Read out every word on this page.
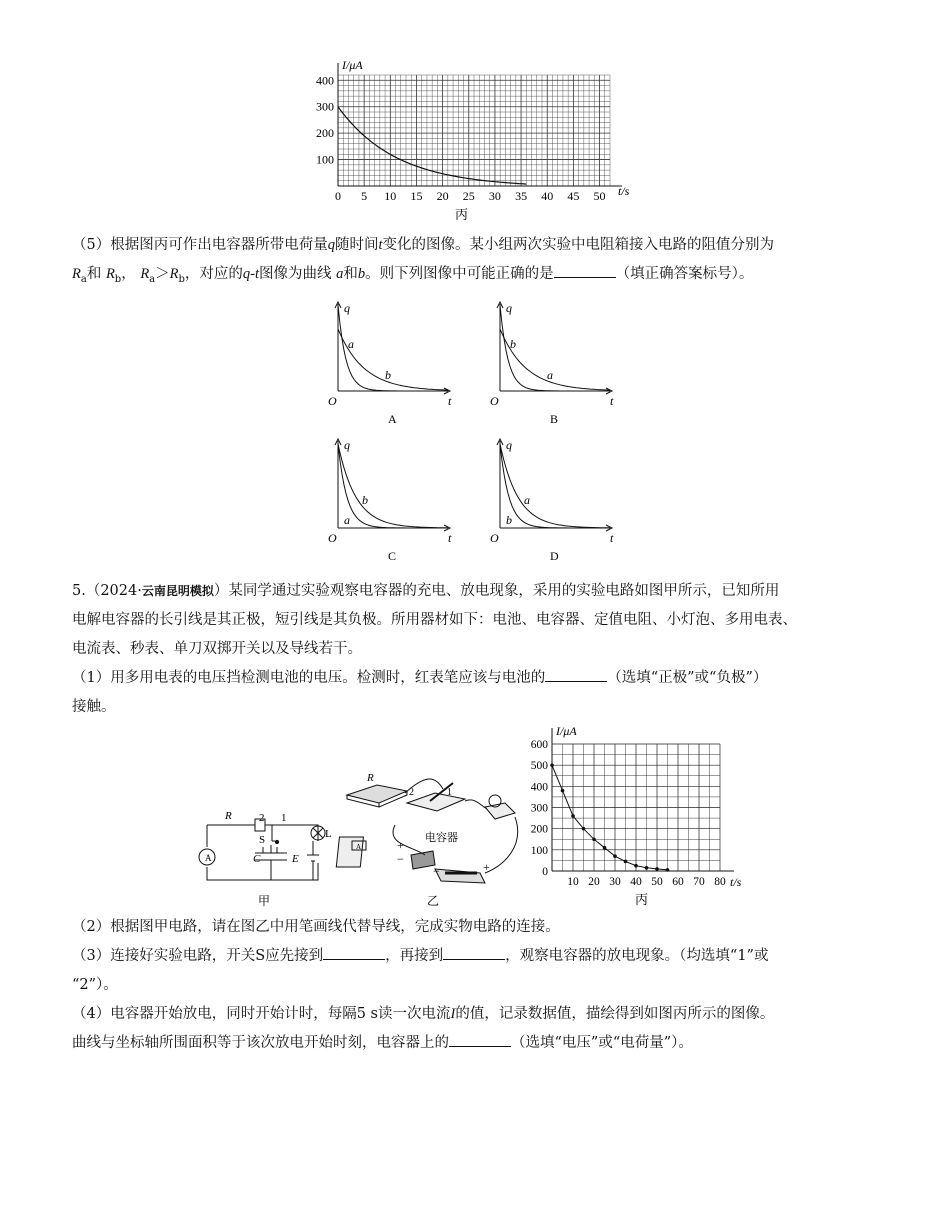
I/μA
t/s
丙
400
300
200
100
0 5 10 15 20 25 30 35 40 45 50
（5）根据图丙可作出电容器所带电荷量q随时间t变化的图像。某小组两次实验中电阻箱接入电路的阻值分别为
$R_a$和 $R_b$， $R_a>R_b$，对应的q-t图像为曲线 a和b。则下列图像中可能正确的是	（填正确答案标号）。
q
t
O
a
b
A
q
t
O
b
a
B
q
t
O
b
a
C
q
t
O
a
b
D
5.（2024·云南昆明模拟）某同学通过实验观察电容器的充电、放电现象，采用的实验电路如图甲所示，已知所用
电解电容器的长引线是其正极，短引线是其负极。所用器材如下：电池、电容器、定值电阻、小灯泡、多用电表、
电流表、秒表、单刀双掷开关以及导线若干。
（1）用多用电表的电压挡检测电池的电压。检测时，红表笔应该与电池的	（选填“正极”或“负极”）
接触。
A
R 2 1
S
C	E
L
甲
R
2	1
电容器
+
−
−	+
A
乙
I/μA
t/s
丙
600
500
400
300
200
100
0
10 20 30 40 50 60 70 80
（2）根据图甲电路，请在图乙中用笔画线代替导线，完成实物电路的连接。
（3）连接好实验电路，开关S应先接到	，再接到	，观察电容器的放电现象。（均选填“1”或
“2”）。
（4）电容器开始放电，同时开始计时，每隔5 s读一次电流I的值，记录数据值，描绘得到如图丙所示的图像。
曲线与坐标轴所围面积等于该次放电开始时刻，电容器上的	（选填“电压”或“电荷量”）。
